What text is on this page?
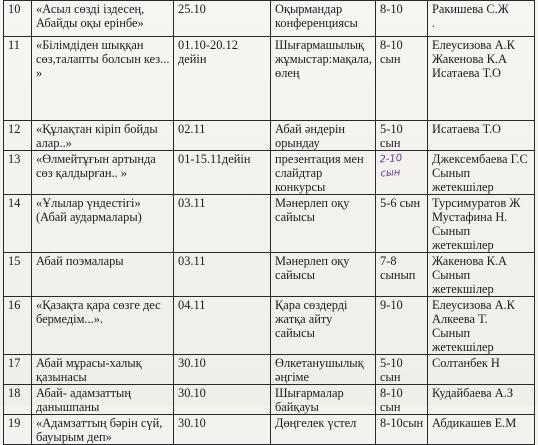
10	«Асыл сөзді іздесең, Абайды оқы ерінбе»	25.10	Оқырмандар конференциясы	8-10	Ракишева С.Ж
.

11	«Білімдіден шыққан сөз,талапты болсын кез... »	01.10-20.12 дейін	Шығармашылық жұмыстар:мақала, өлең	8-10 сын	Елеусизова А.К
Жакенова К.А
Исатаева Т.О

12	«Құлақтан кіріп бойды алар..»	02.11	Абай әндерін орындау	5-10 сын	Исатаева Т.О
13	«Өлмейтұғын артында сөз қалдырған.. »	01-15.11дейін	презентация мен слайдтар конкурсы	2-10 сын	Джексембаева Г.С
Сынып жетекшілер

14	«Ұлылар үндестігі» (Абай аудармалары)	03.11	Мәнерлеп оқу сайысы	5-6 сын	Турсимуратов Ж
Мустафина Н.
Сынып жетекшілер

15	Абай поэмалары	03.11	Мәнерлеп оқу сайысы	7-8 сынып	Жакенова К.А
Сынып жетекшілер

16	«Қазақта қара сөзге дес бермедім...».	04.11	Қара сөздерді жатқа айту сайысы	9-10	Елеусизова А.К
Алкеева Т.
Сынып жетекшілер

17	Абай мұрасы-халық қазынасы	30.10	Өлкетанушылық әңгіме	5-10 сын	Солтанбек Н
18	Абай- адамзаттың данышпаны	30.10	Шығармалар байқауы	8-10 сын	Кудайбаева А.З
19	«Адамзаттың бәрін сүй, бауырым деп»	30.10	Дөңгелек үстел	8-10сын	Абдикашев Е.М
